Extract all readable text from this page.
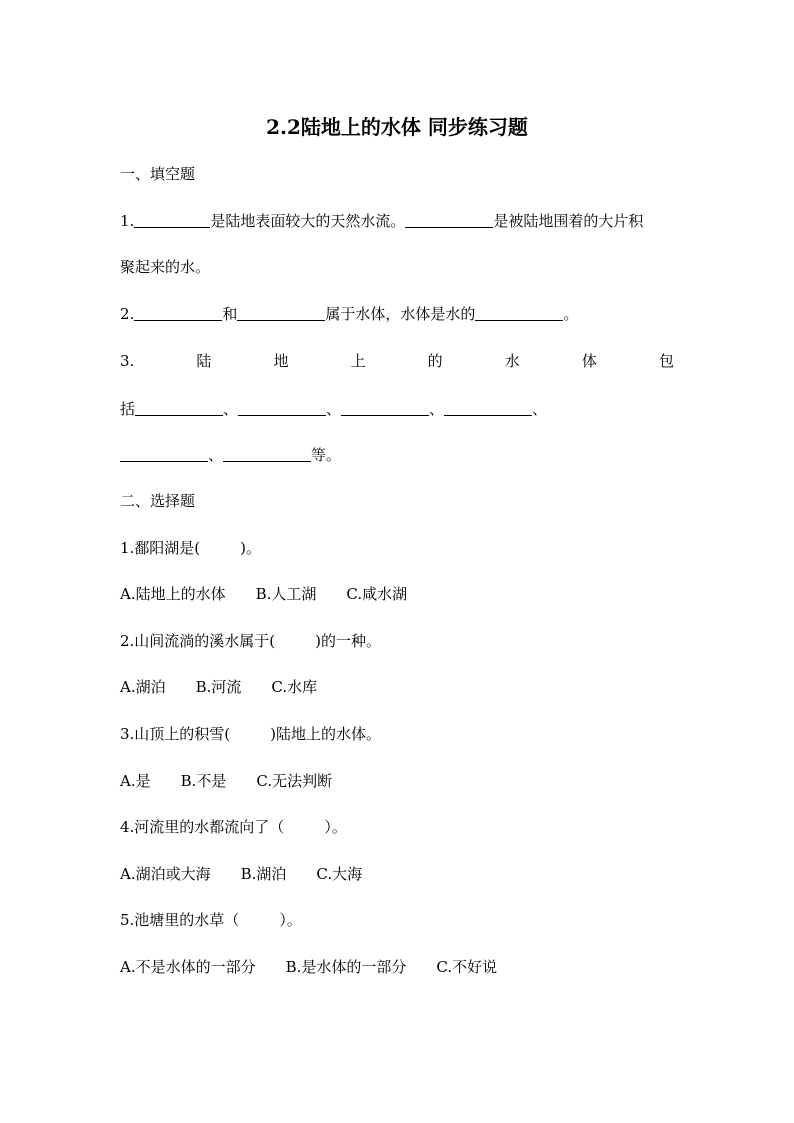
2.2陆地上的水体 同步练习题
一、填空题
1.	是陆地表面较大的天然水流。	是被陆地围着的大片积
聚起来的水。
2.	和	属于水体，水体是水的	。
3.	陆	地	上	的	水	体	包
括	、	、	、	、
、	等。
二、选择题
1.鄱阳湖是(	)。
A.陆地上的水体 B.人工湖 C.咸水湖
2.山间流淌的溪水属于(	)的一种。
A.湖泊 B.河流 C.水库
3.山顶上的积雪(	)陆地上的水体。
A.是 B.不是 C.无法判断
4.河流里的水都流向了（	）。
A.湖泊或大海 B.湖泊 C.大海
5.池塘里的水草（	）。
A.不是水体的一部分 B.是水体的一部分 C.不好说
